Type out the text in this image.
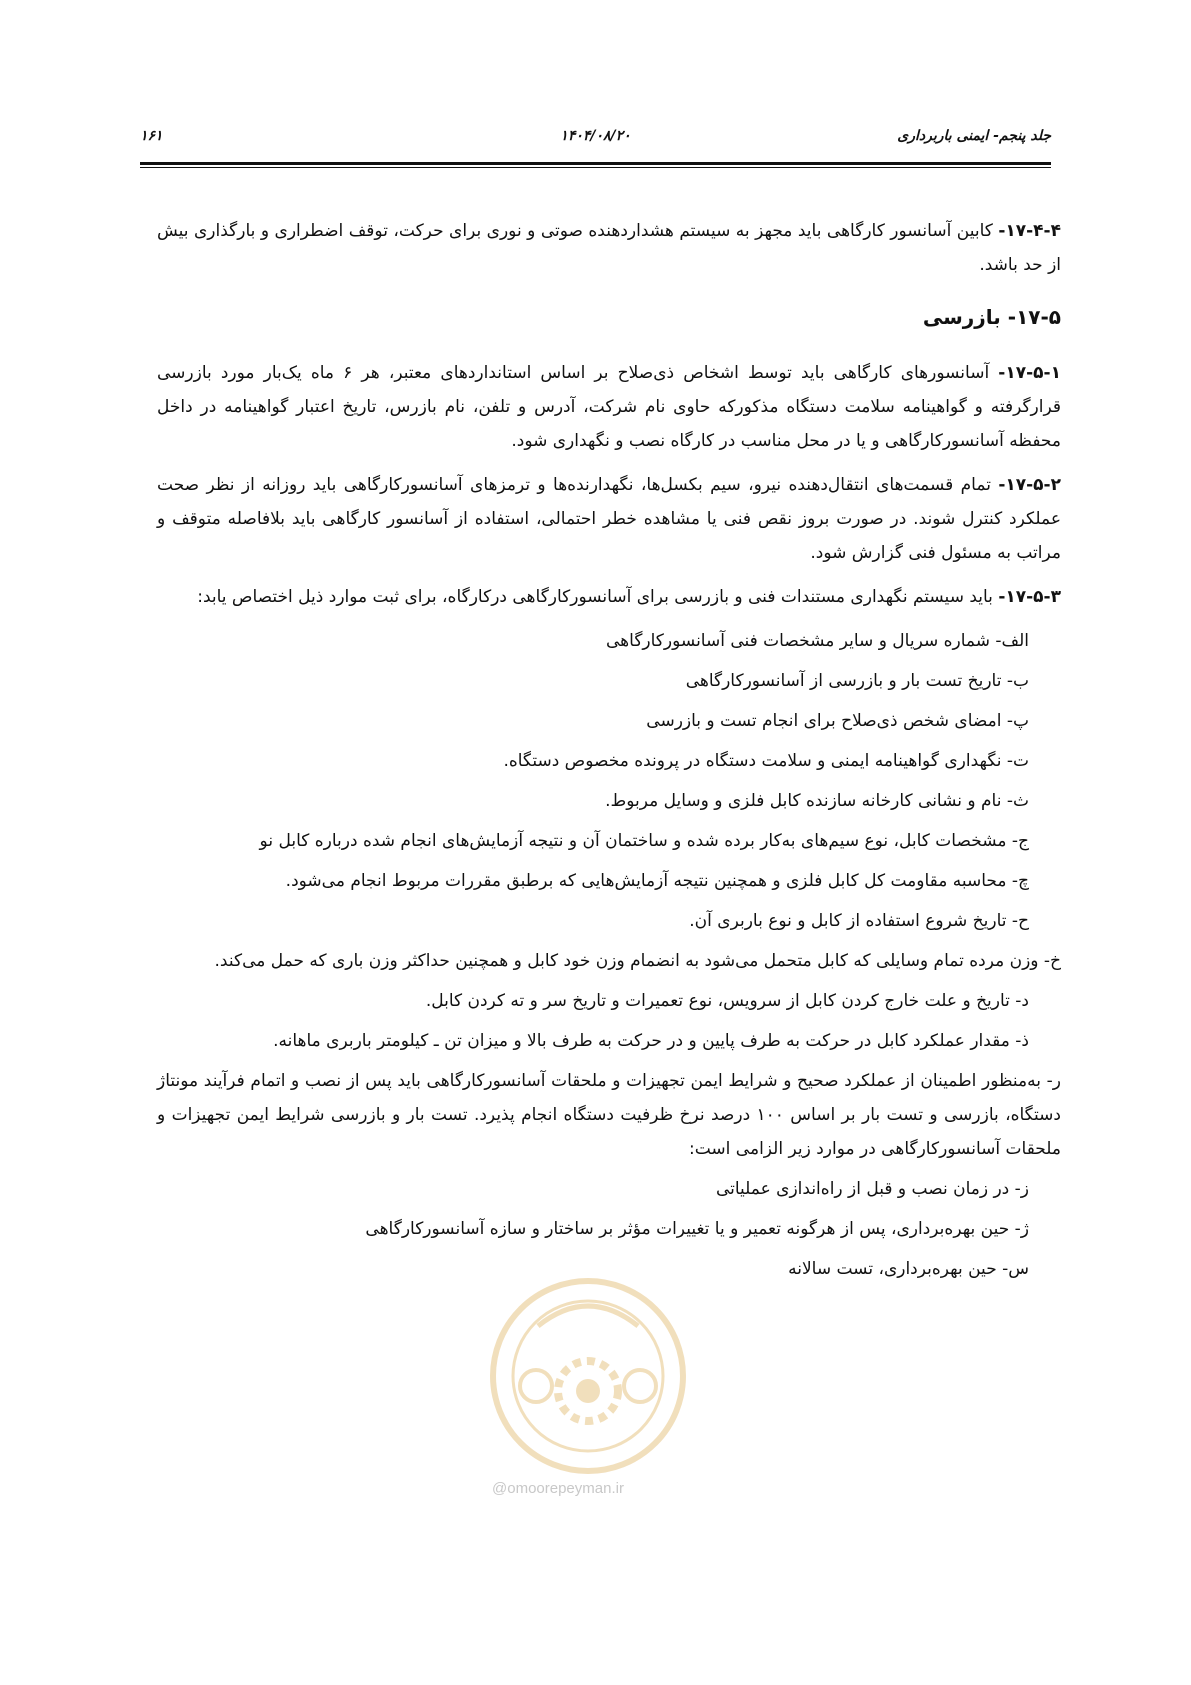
جلد پنجم- ایمنی باربرداری
۱۴۰۴/۰۸/۲۰
۱۶۱

۱۷-۴-۴- کابین آسانسور کارگاهی باید مجهز به سیستم هشداردهنده صوتی و نوری برای حرکت، توقف اضطراری و بارگذاری بیش از حد باشد.

۱۷-۵- بازرسی

۱۷-۵-۱- آسانسورهای کارگاهی باید توسط اشخاص ذی‌صلاح بر اساس استانداردهای معتبر، هر ۶ ماه یک‌بار مورد بازرسی قرارگرفته و گواهینامه سلامت دستگاه مذکورکه حاوی نام شرکت، آدرس و تلفن، نام بازرس، تاریخ اعتبار گواهینامه در داخل محفظه آسانسورکارگاهی و یا در محل مناسب در کارگاه نصب و نگهداری شود.

۱۷-۵-۲- تمام قسمت‌های انتقال‌دهنده نیرو، سیم بکسل‌ها، نگهدارنده‌ها و ترمزهای آسانسورکارگاهی باید روزانه از نظر صحت عملکرد کنترل شوند. در صورت بروز نقص فنی یا مشاهده خطر احتمالی، استفاده از آسانسور کارگاهی باید بلافاصله متوقف و مراتب به مسئول فنی گزارش شود.

۱۷-۵-۳- باید سیستم نگهداری مستندات فنی و بازرسی برای آسانسورکارگاهی درکارگاه، برای ثبت موارد ذیل اختصاص یابد:

الف- شماره سریال و سایر مشخصات فنی آسانسورکارگاهی
ب- تاریخ تست بار و بازرسی از آسانسورکارگاهی
پ- امضای شخص ذی‌صلاح برای انجام تست و بازرسی
ت- نگهداری گواهینامه ایمنی و سلامت دستگاه در پرونده مخصوص دستگاه.
ث- نام و نشانی کارخانه سازنده کابل فلزی و وسایل مربوط.
ج- مشخصات کابل، نوع سیم‌های به‌کار برده شده و ساختمان آن و نتیجه آزمایش‌های انجام شده درباره کابل نو
چ- محاسبه مقاومت کل کابل فلزی و همچنین نتیجه آزمایش‌هایی که برطبق مقررات مربوط انجام می‌شود.
ح- تاریخ شروع استفاده از کابل و نوع باربری آن.
خ- وزن مرده تمام وسایلی که کابل متحمل می‌شود به انضمام وزن خود کابل و همچنین حداکثر وزن باری که حمل می‌کند.
د- تاریخ و علت خارج کردن کابل از سرویس، نوع تعمیرات و تاریخ سر و ته کردن کابل.
ذ- مقدار عملکرد کابل در حرکت به طرف پایین و در حرکت به طرف بالا و میزان تن ـ کیلومتر باربری ماهانه.
ر- به‌منظور اطمینان از عملکرد صحیح و شرایط ایمن تجهیزات و ملحقات آسانسورکارگاهی باید پس از نصب و اتمام فرآیند مونتاژ دستگاه، بازرسی و تست بار بر اساس ۱۰۰ درصد نرخ ظرفیت دستگاه انجام پذیرد. تست بار و بازرسی شرایط ایمن تجهیزات و ملحقات آسانسورکارگاهی در موارد زیر الزامی است:
ز- در زمان نصب و قبل از راه‌اندازی عملیاتی
ژ- حین بهره‌برداری، پس از هرگونه تعمیر و یا تغییرات مؤثر بر ساختار و سازه آسانسورکارگاهی
س- حین بهره‌برداری، تست سالانه
@omoorepeyman.ir
